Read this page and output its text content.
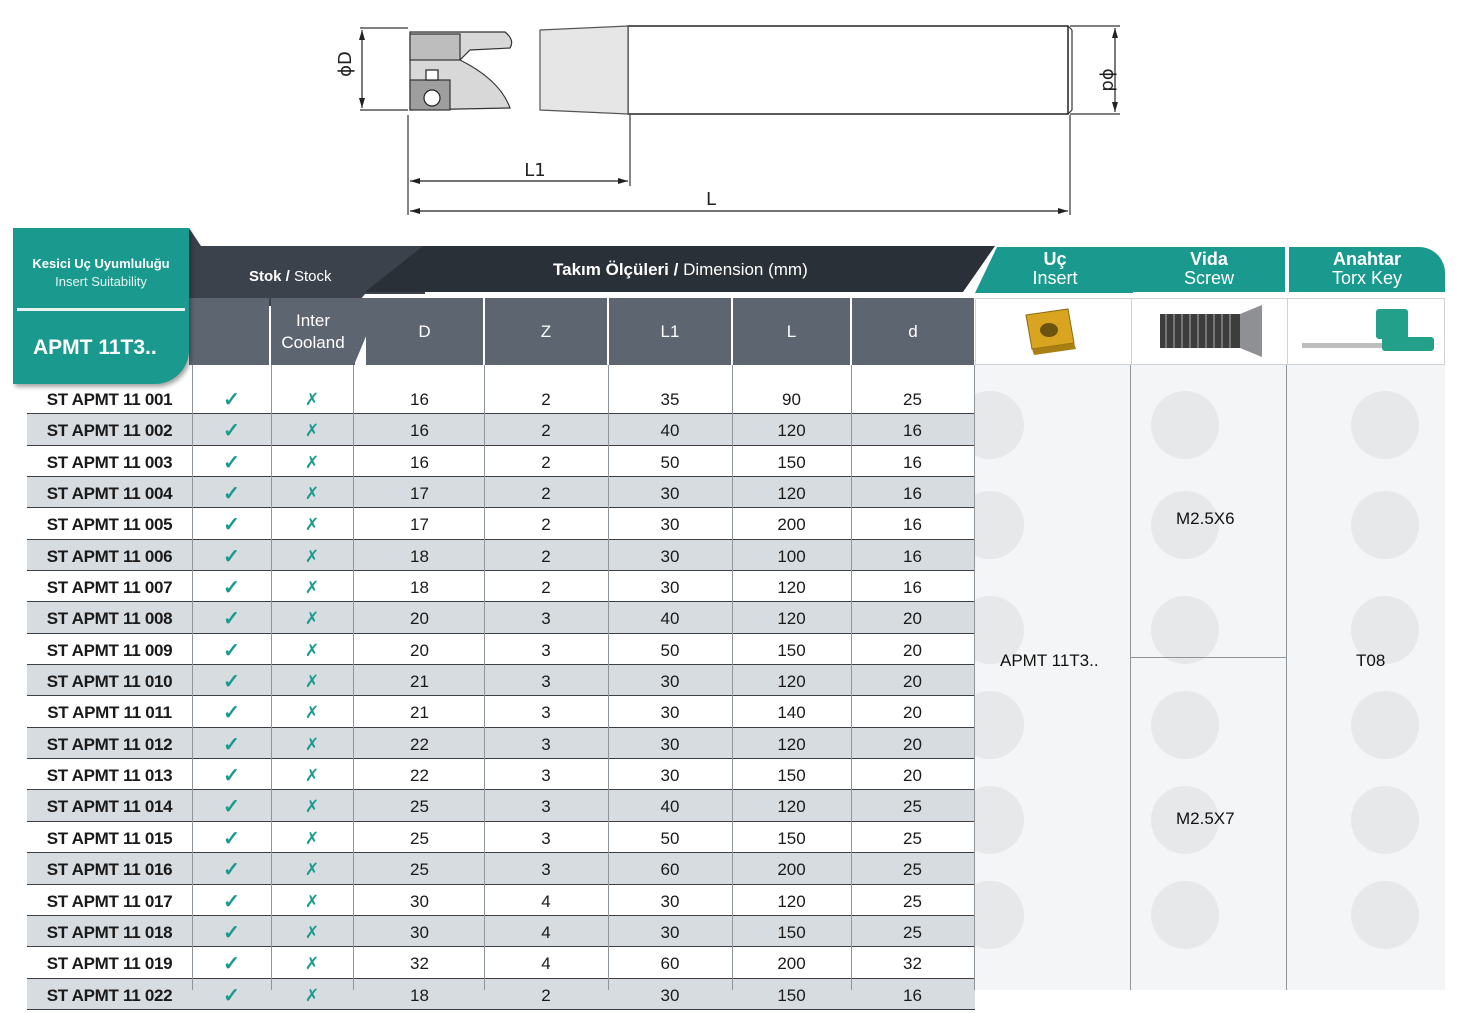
ϕD
ϕd
L1
L
Stok / Stock	Takım Ölçüleri / Dimension (mm)
Uç
Insert
Vida
Screw
Anahtar
Torx Key
Inter
Cooland
D	Z	L1	L	d
Kesici Uç Uyumluluğu
Insert Suitability
APMT 11T3..
APMT 11T3..
M2.5X6
M2.5X7
T08
ST APMT 11 001	✓	✗	16	2	35	90	25
ST APMT 11 002	✓	✗	16	2	40	120	16
ST APMT 11 003	✓	✗	16	2	50	150	16
ST APMT 11 004	✓	✗	17	2	30	120	16
ST APMT 11 005	✓	✗	17	2	30	200	16
ST APMT 11 006	✓	✗	18	2	30	100	16
ST APMT 11 007	✓	✗	18	2	30	120	16
ST APMT 11 008	✓	✗	20	3	40	120	20
ST APMT 11 009	✓	✗	20	3	50	150	20
ST APMT 11 010	✓	✗	21	3	30	120	20
ST APMT 11 011	✓	✗	21	3	30	140	20
ST APMT 11 012	✓	✗	22	3	30	120	20
ST APMT 11 013	✓	✗	22	3	30	150	20
ST APMT 11 014	✓	✗	25	3	40	120	25
ST APMT 11 015	✓	✗	25	3	50	150	25
ST APMT 11 016	✓	✗	25	3	60	200	25
ST APMT 11 017	✓	✗	30	4	30	120	25
ST APMT 11 018	✓	✗	30	4	30	150	25
ST APMT 11 019	✓	✗	32	4	60	200	32
ST APMT 11 022	✓	✗	18	2	30	150	16
